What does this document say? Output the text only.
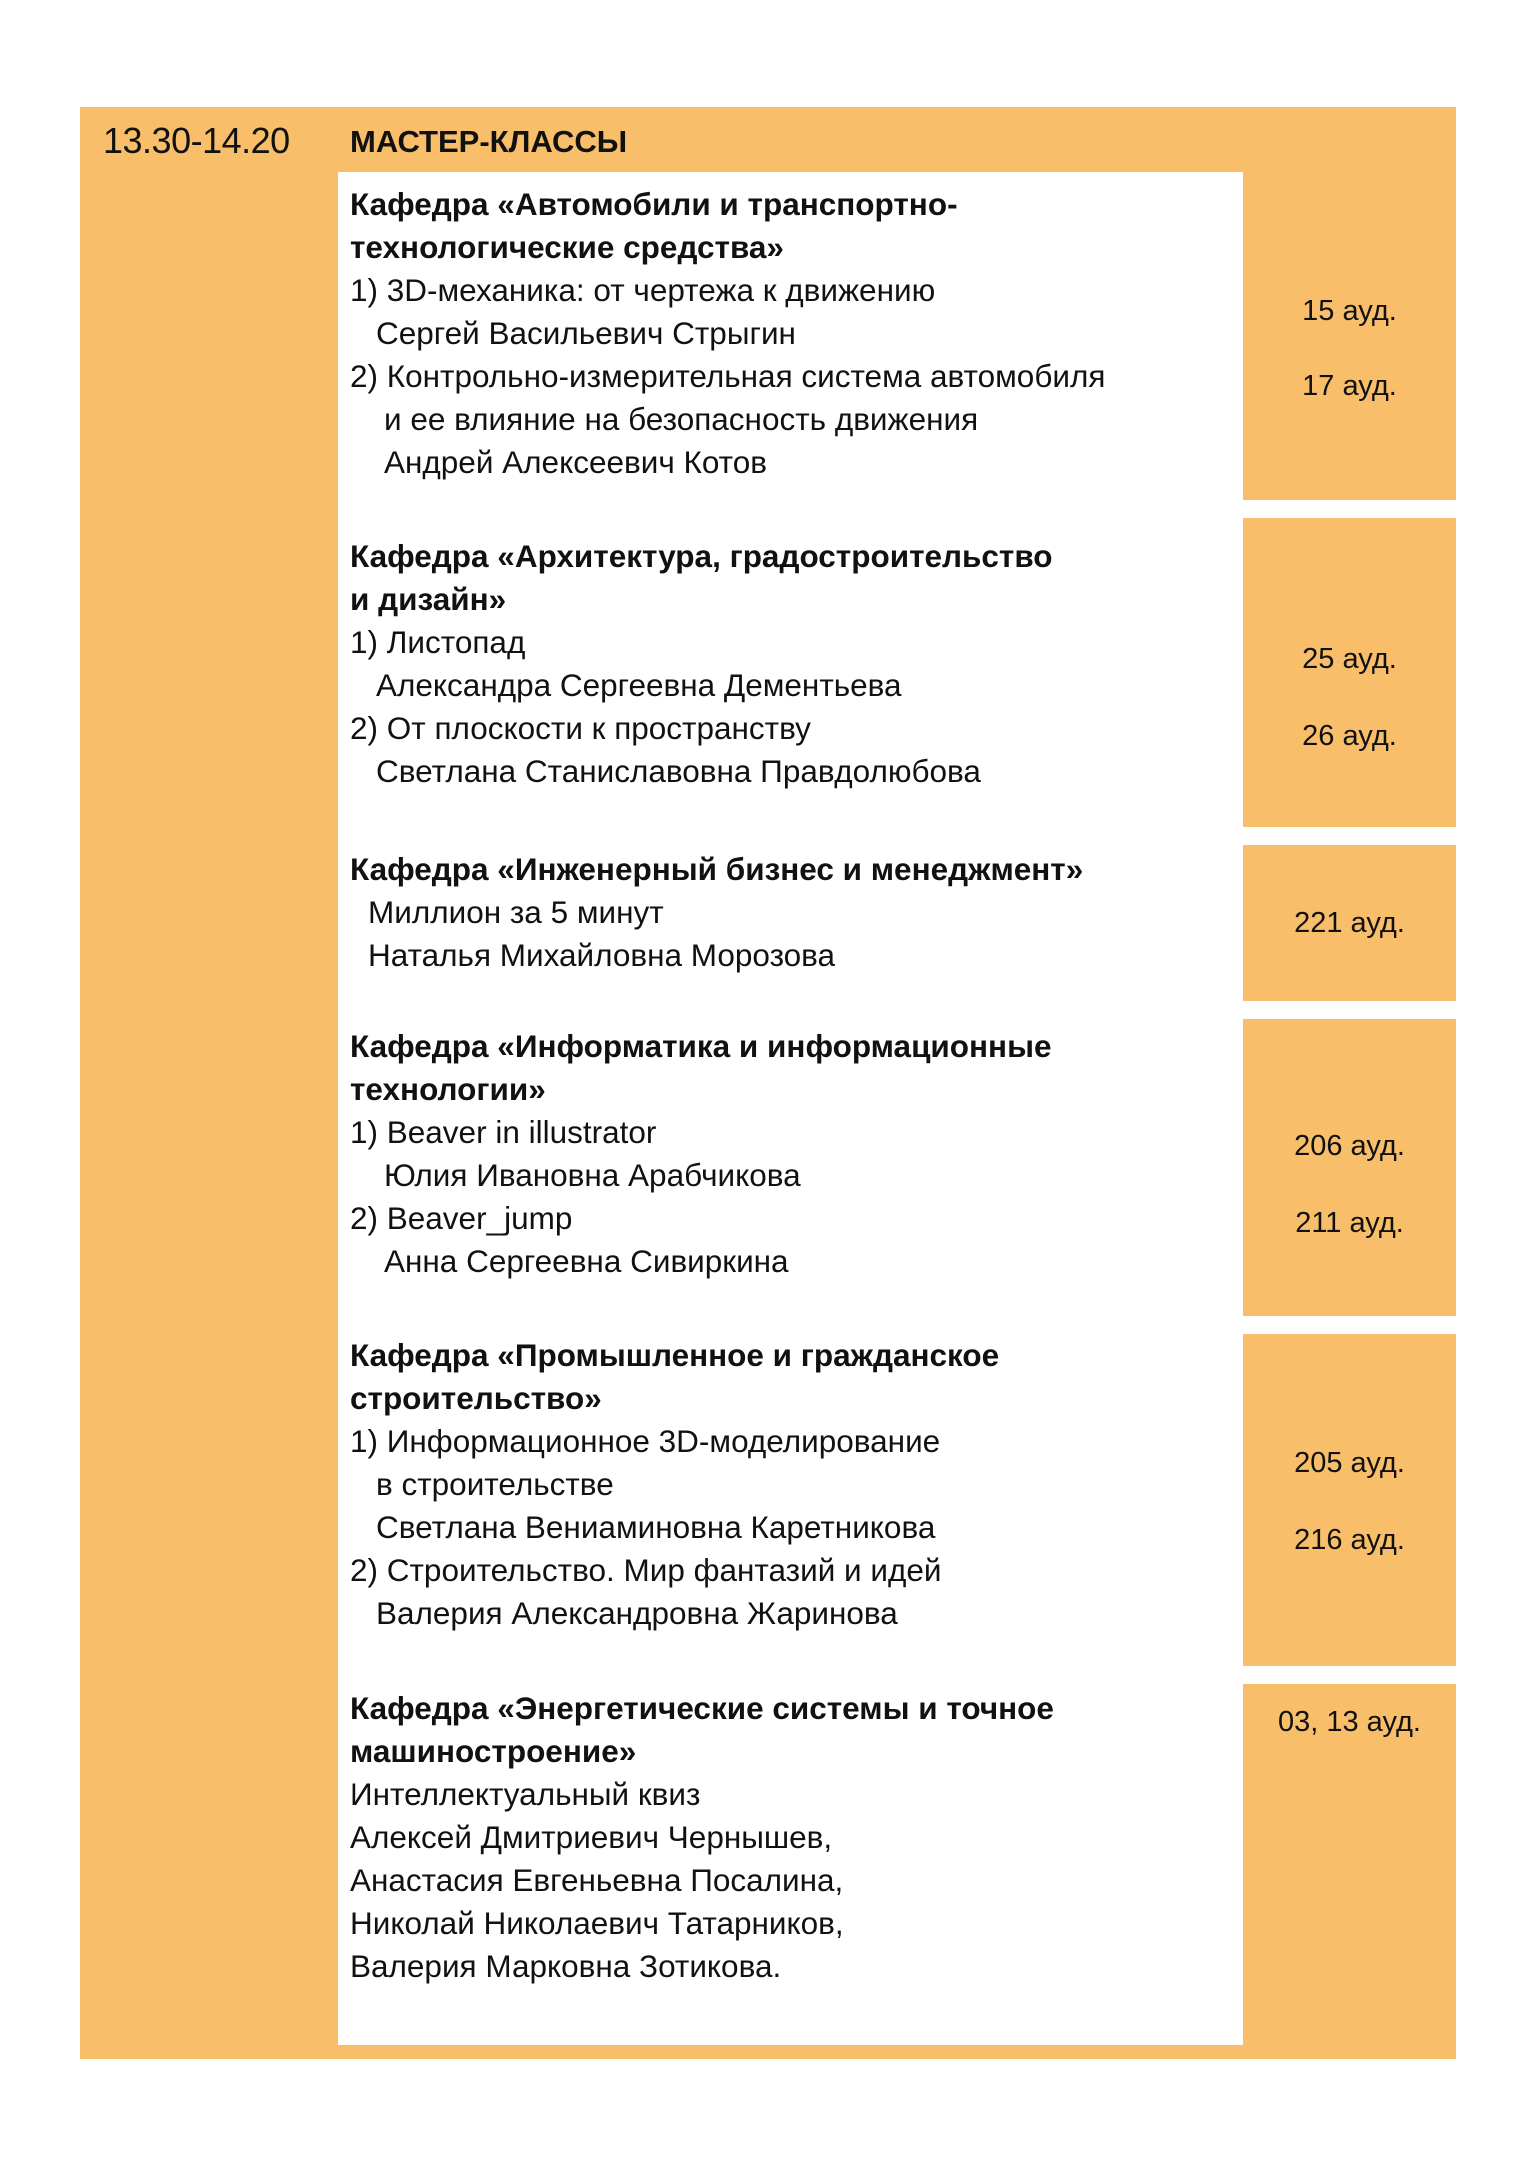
13.30-14.20 МАСТЕР-КЛАССЫ
Кафедра «Автомобили и транспортно-
технологические средства»
1) 3D-механика: от чертежа к движению
Сергей Васильевич Стрыгин
2) Контрольно-измерительная система автомобиля
и ее влияние на безопасность движения
Андрей Алексеевич Котов
15 ауд.
17 ауд.
Кафедра «Архитектура, градостроительство
и дизайн»
1) Листопад
Александра Сергеевна Дементьева
2) От плоскости к пространству
Светлана Станиславовна Правдолюбова
25 ауд.
26 ауд.
Кафедра «Инженерный бизнес и менеджмент»
Миллион за 5 минут
Наталья Михайловна Морозова
221 ауд.
Кафедра «Информатика и информационные
технологии»
1) Beaver in illustrator
Юлия Ивановна Арабчикова
2) Beaver_jump
Анна Сергеевна Сивиркина
206 ауд.
211 ауд.
Кафедра «Промышленное и гражданское
строительство»
1) Информационное 3D-моделирование
в строительстве
Светлана Вениаминовна Каретникова
2) Строительство. Мир фантазий и идей
Валерия Александровна Жаринова
205 ауд.
216 ауд.
Кафедра «Энергетические системы и точное
машиностроение»
Интеллектуальный квиз
Алексей Дмитриевич Чернышев,
Анастасия Евгеньевна Посалина,
Николай Николаевич Татарников,
Валерия Марковна Зотикова.
03, 13 ауд.
